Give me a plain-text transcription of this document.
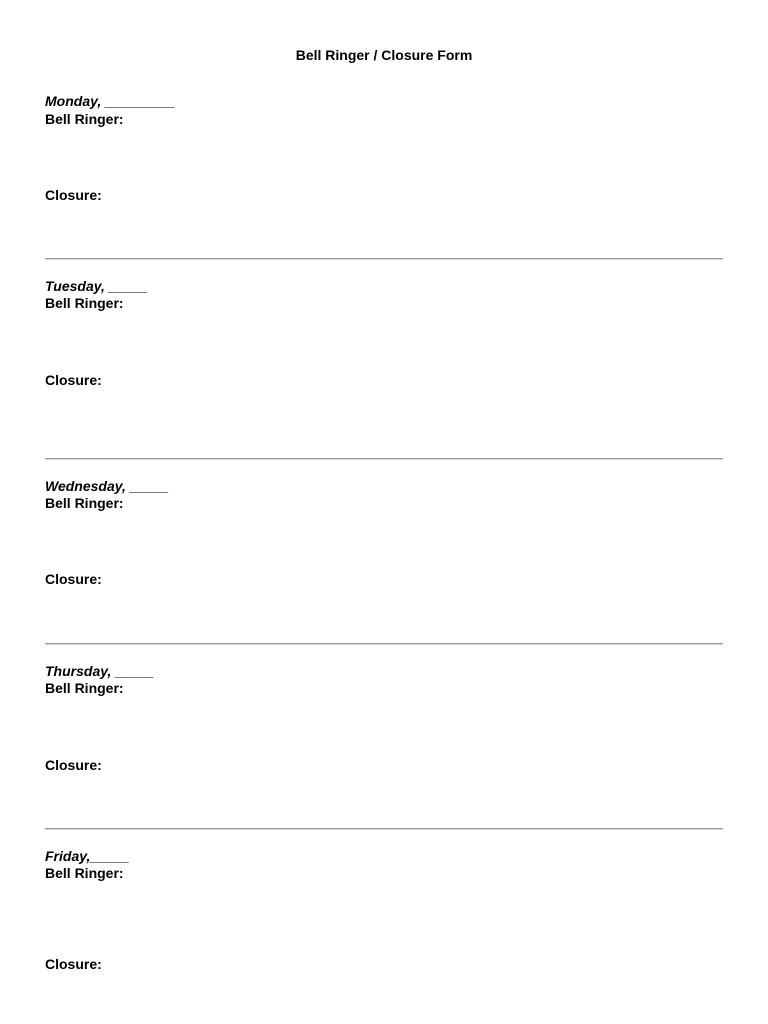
Bell Ringer / Closure Form
Monday, _________
Bell Ringer:
Closure:
Tuesday, _____
Bell Ringer:
Closure:
Wednesday, _____
Bell Ringer:
Closure:
Thursday, _____
Bell Ringer:
Closure:
Friday,_____
Bell Ringer:
Closure:
